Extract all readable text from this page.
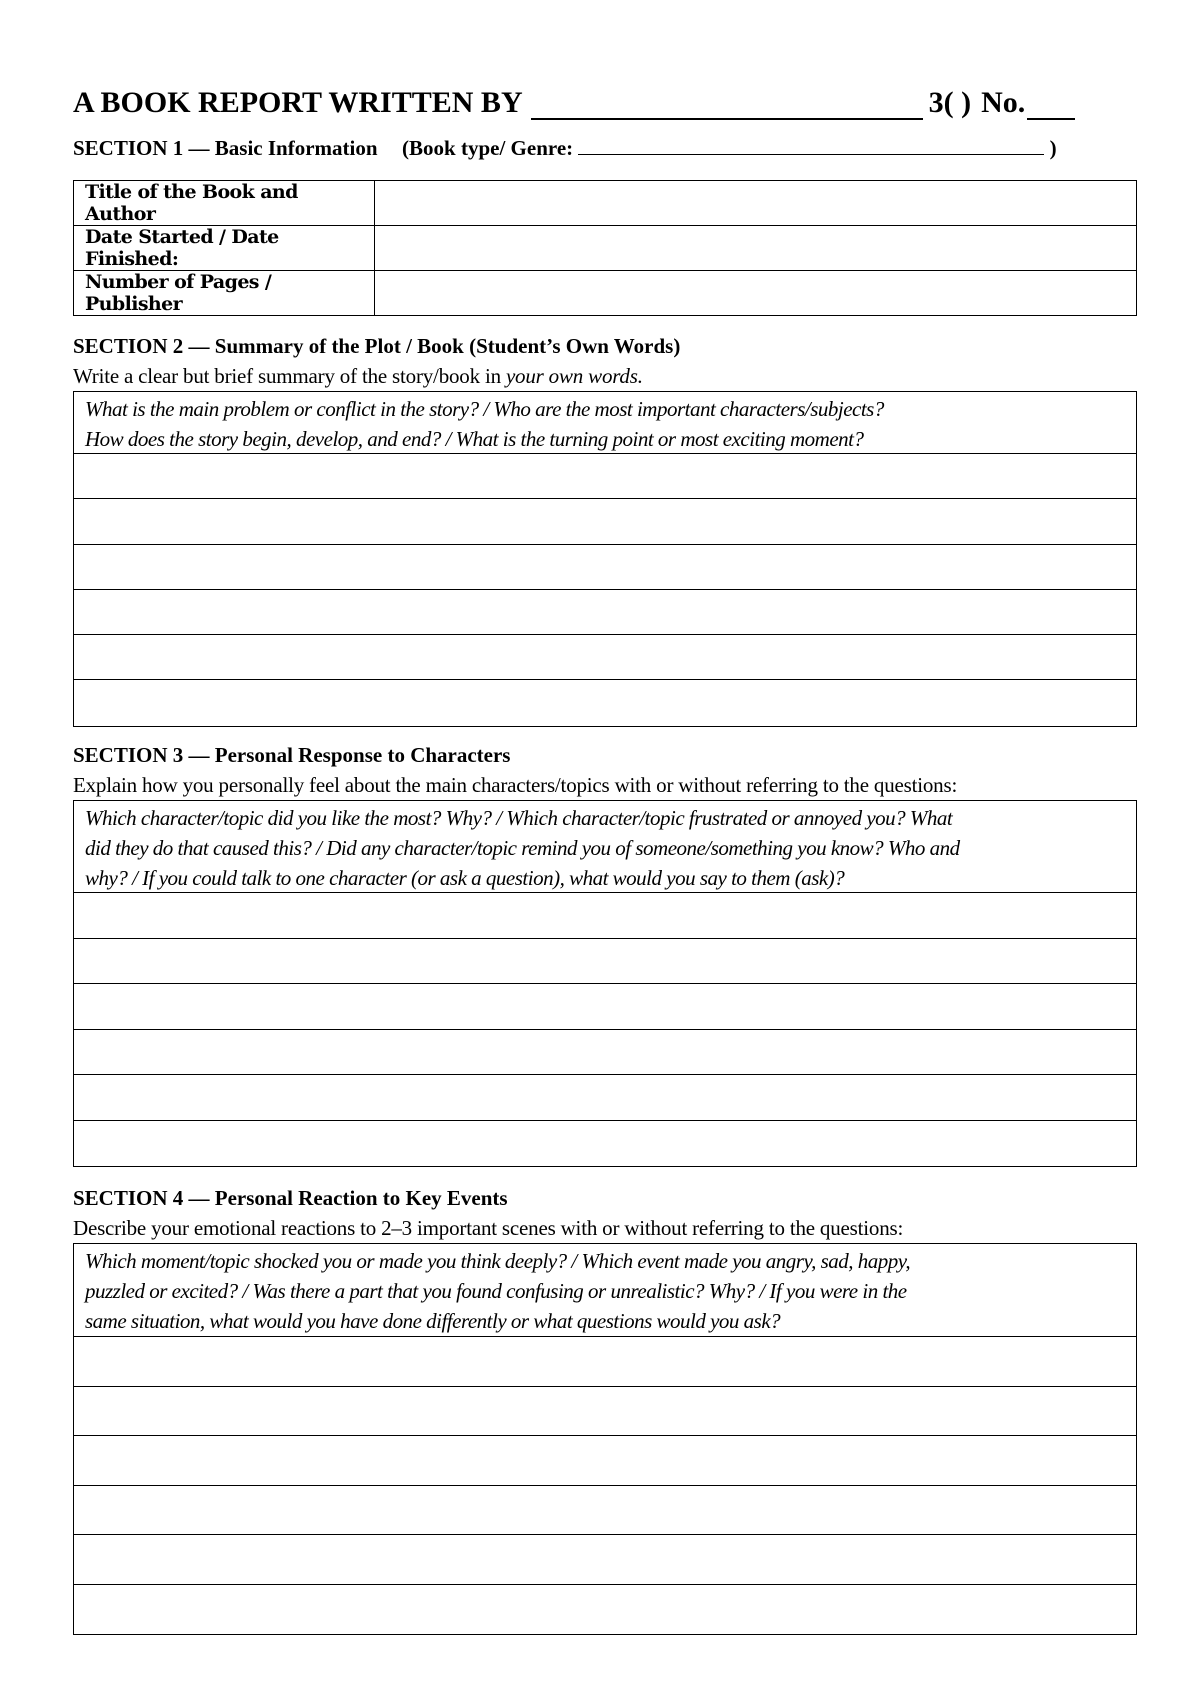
A BOOK REPORT WRITTEN BY	3( ) No.
SECTION 1 — Basic Information (Book type/ Genre:	)
Title of the Book and Author	
Date Started / Date Finished:	
Number of Pages / Publisher	
SECTION 2 — Summary of the Plot / Book (Student’s Own Words)
Write a clear but brief summary of the story/book in your own words.
What is the main problem or conflict in the story? / Who are the most important characters/subjects?
How does the story begin, develop, and end? / What is the turning point or most exciting moment?
SECTION 3 — Personal Response to Characters
Explain how you personally feel about the main characters/topics with or without referring to the questions:
Which character/topic did you like the most? Why? / Which character/topic frustrated or annoyed you? What
did they do that caused this? / Did any character/topic remind you of someone/something you know? Who and
why? / If you could talk to one character (or ask a question), what would you say to them (ask)?
SECTION 4 — Personal Reaction to Key Events
Describe your emotional reactions to 2–3 important scenes with or without referring to the questions:
Which moment/topic shocked you or made you think deeply? / Which event made you angry, sad, happy,
puzzled or excited? / Was there a part that you found confusing or unrealistic? Why? / If you were in the
same situation, what would you have done differently or what questions would you ask?
